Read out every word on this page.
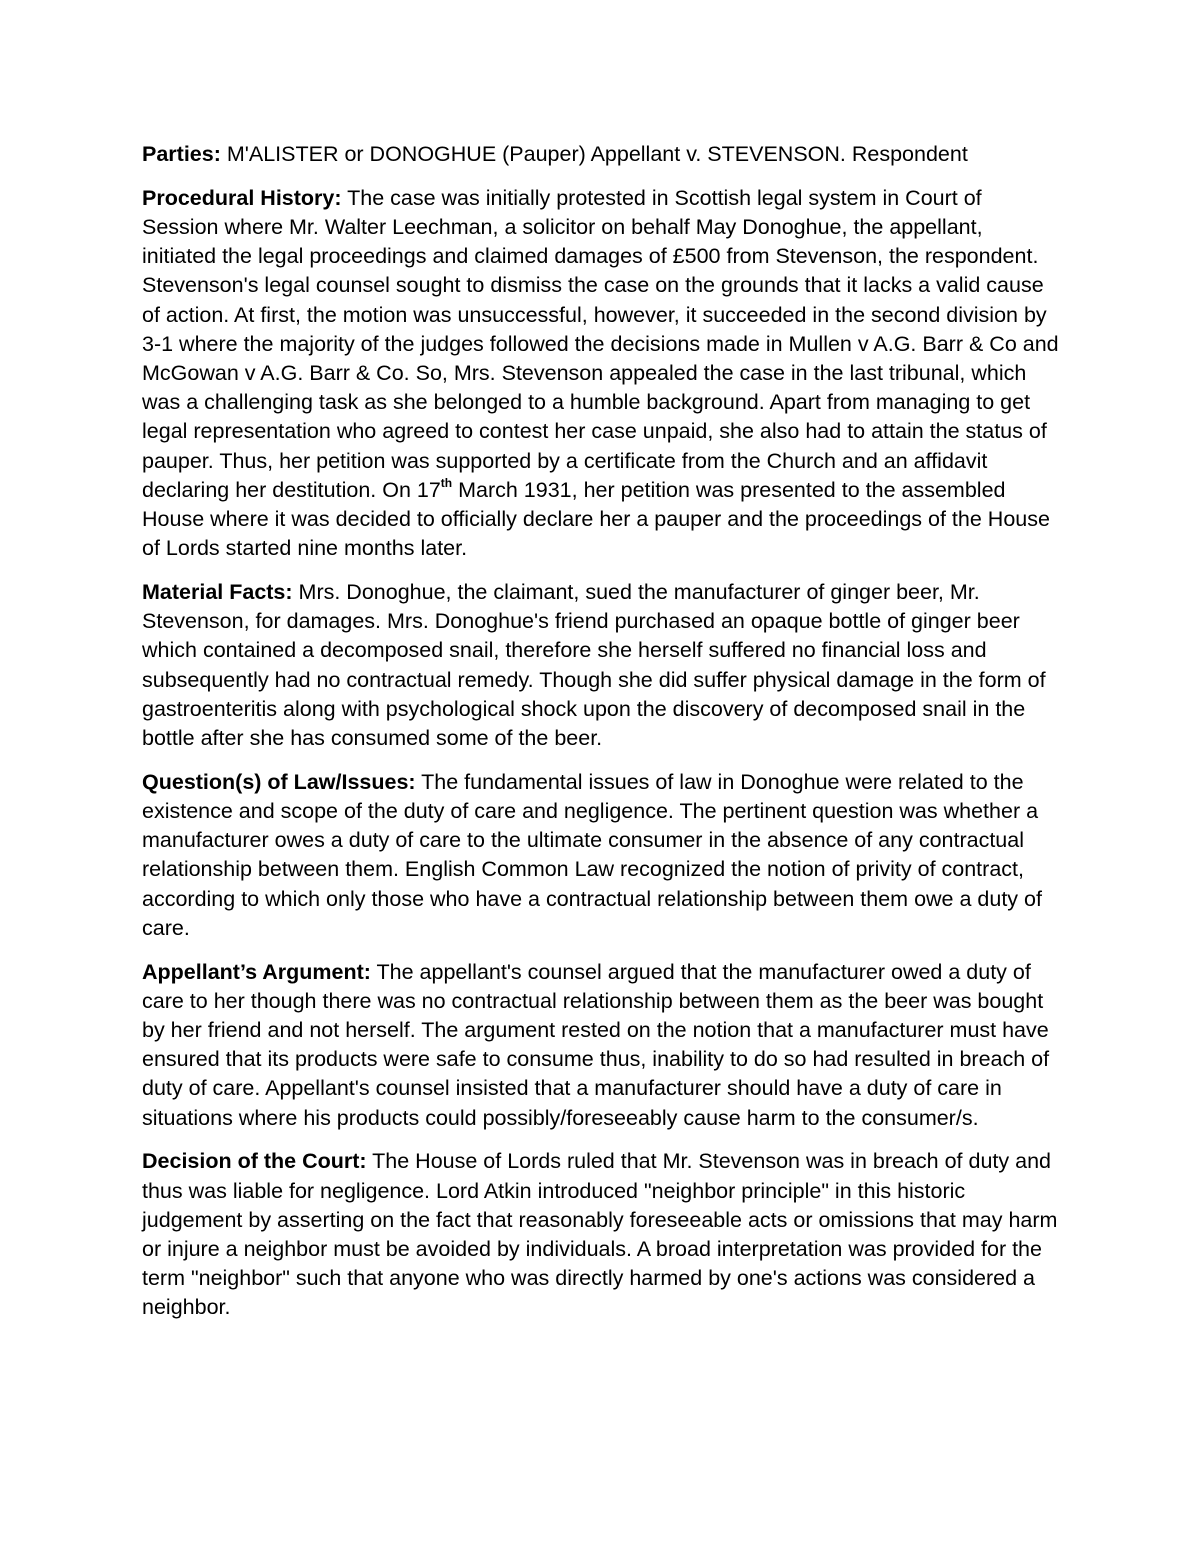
Parties: M'ALISTER or DONOGHUE (Pauper) Appellant v. STEVENSON. Respondent

Procedural History: The case was initially protested in Scottish legal system in Court of Session where Mr. Walter Leechman, a solicitor on behalf May Donoghue, the appellant, initiated the legal proceedings and claimed damages of £500 from Stevenson, the respondent. Stevenson's legal counsel sought to dismiss the case on the grounds that it lacks a valid cause of action. At first, the motion was unsuccessful, however, it succeeded in the second division by 3-1 where the majority of the judges followed the decisions made in Mullen v A.G. Barr & Co and McGowan v A.G. Barr & Co. So, Mrs. Stevenson appealed the case in the last tribunal, which was a challenging task as she belonged to a humble background. Apart from managing to get legal representation who agreed to contest her case unpaid, she also had to attain the status of pauper. Thus, her petition was supported by a certificate from the Church and an affidavit declaring her destitution. On 17th March 1931, her petition was presented to the assembled House where it was decided to officially declare her a pauper and the proceedings of the House of Lords started nine months later.

Material Facts: Mrs. Donoghue, the claimant, sued the manufacturer of ginger beer, Mr. Stevenson, for damages. Mrs. Donoghue's friend purchased an opaque bottle of ginger beer which contained a decomposed snail, therefore she herself suffered no financial loss and subsequently had no contractual remedy. Though she did suffer physical damage in the form of gastroenteritis along with psychological shock upon the discovery of decomposed snail in the bottle after she has consumed some of the beer.

Question(s) of Law/Issues: The fundamental issues of law in Donoghue were related to the existence and scope of the duty of care and negligence. The pertinent question was whether a manufacturer owes a duty of care to the ultimate consumer in the absence of any contractual relationship between them. English Common Law recognized the notion of privity of contract, according to which only those who have a contractual relationship between them owe a duty of care.

Appellant’s Argument: The appellant's counsel argued that the manufacturer owed a duty of care to her though there was no contractual relationship between them as the beer was bought by her friend and not herself. The argument rested on the notion that a manufacturer must have ensured that its products were safe to consume thus, inability to do so had resulted in breach of duty of care. Appellant's counsel insisted that a manufacturer should have a duty of care in situations where his products could possibly/foreseeably cause harm to the consumer/s.

Decision of the Court: The House of Lords ruled that Mr. Stevenson was in breach of duty and thus was liable for negligence. Lord Atkin introduced "neighbor principle" in this historic judgement by asserting on the fact that reasonably foreseeable acts or omissions that may harm or injure a neighbor must be avoided by individuals. A broad interpretation was provided for the term "neighbor" such that anyone who was directly harmed by one's actions was considered a neighbor.
